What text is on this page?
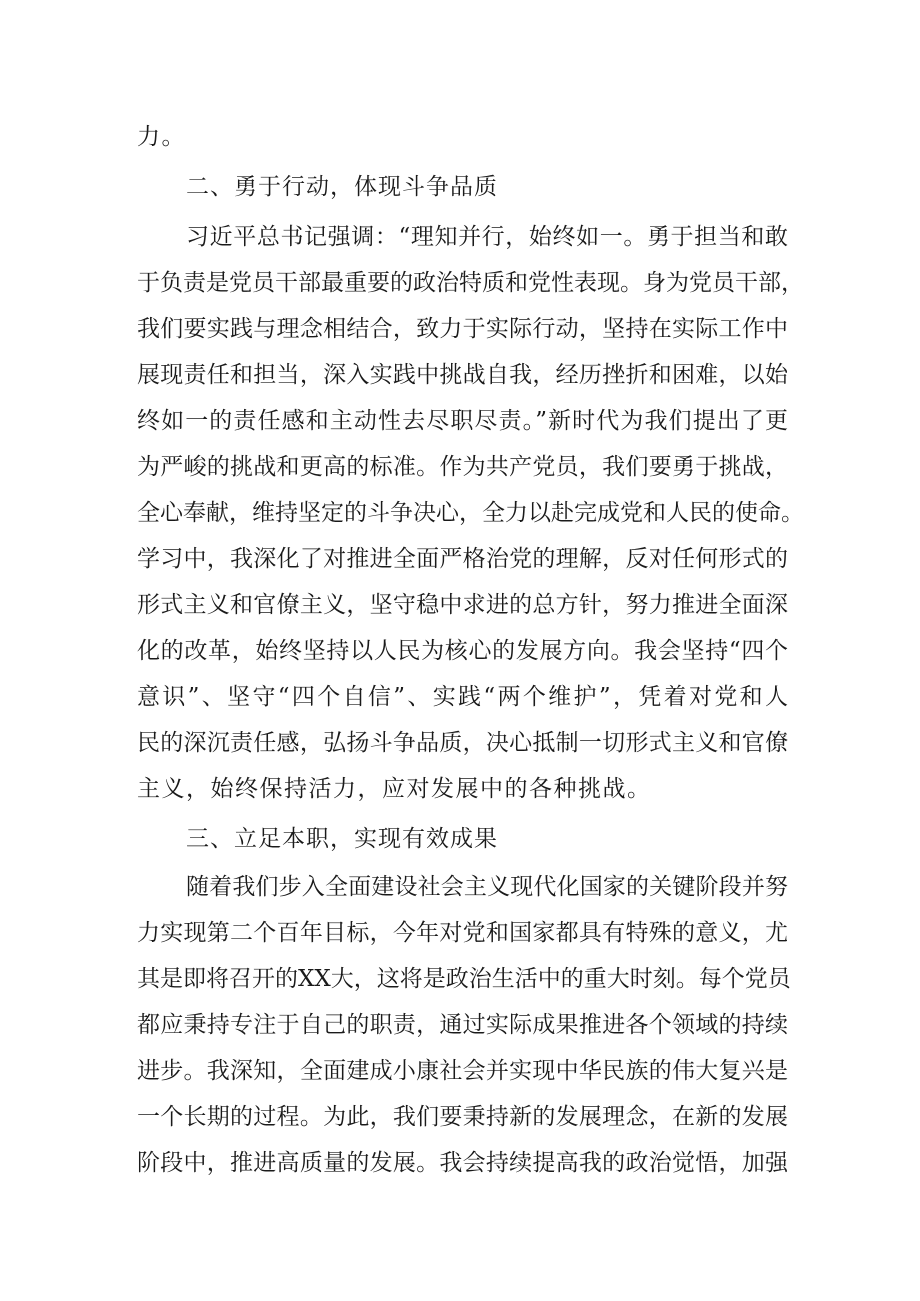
力。
二、勇于行动，体现斗争品质
习近平总书记强调：“理知并行，始终如一。勇于担当和敢
于负责是党员干部最重要的政治特质和党性表现。身为党员干部，
我们要实践与理念相结合，致力于实际行动，坚持在实际工作中
展现责任和担当，深入实践中挑战自我，经历挫折和困难，以始
终如一的责任感和主动性去尽职尽责。”新时代为我们提出了更
为严峻的挑战和更高的标准。作为共产党员，我们要勇于挑战，
全心奉献，维持坚定的斗争决心，全力以赴完成党和人民的使命。
学习中，我深化了对推进全面严格治党的理解，反对任何形式的
形式主义和官僚主义，坚守稳中求进的总方针，努力推进全面深
化的改革，始终坚持以人民为核心的发展方向。我会坚持“四个
意识”、坚守“四个自信”、实践“两个维护”，凭着对党和人
民的深沉责任感，弘扬斗争品质，决心抵制一切形式主义和官僚
主义，始终保持活力，应对发展中的各种挑战。
三、立足本职，实现有效成果
随着我们步入全面建设社会主义现代化国家的关键阶段并努
力实现第二个百年目标，今年对党和国家都具有特殊的意义，尤
其是即将召开的XX大，这将是政治生活中的重大时刻。每个党员
都应秉持专注于自己的职责，通过实际成果推进各个领域的持续
进步。我深知，全面建成小康社会并实现中华民族的伟大复兴是
一个长期的过程。为此，我们要秉持新的发展理念，在新的发展
阶段中，推进高质量的发展。我会持续提高我的政治觉悟，加强
